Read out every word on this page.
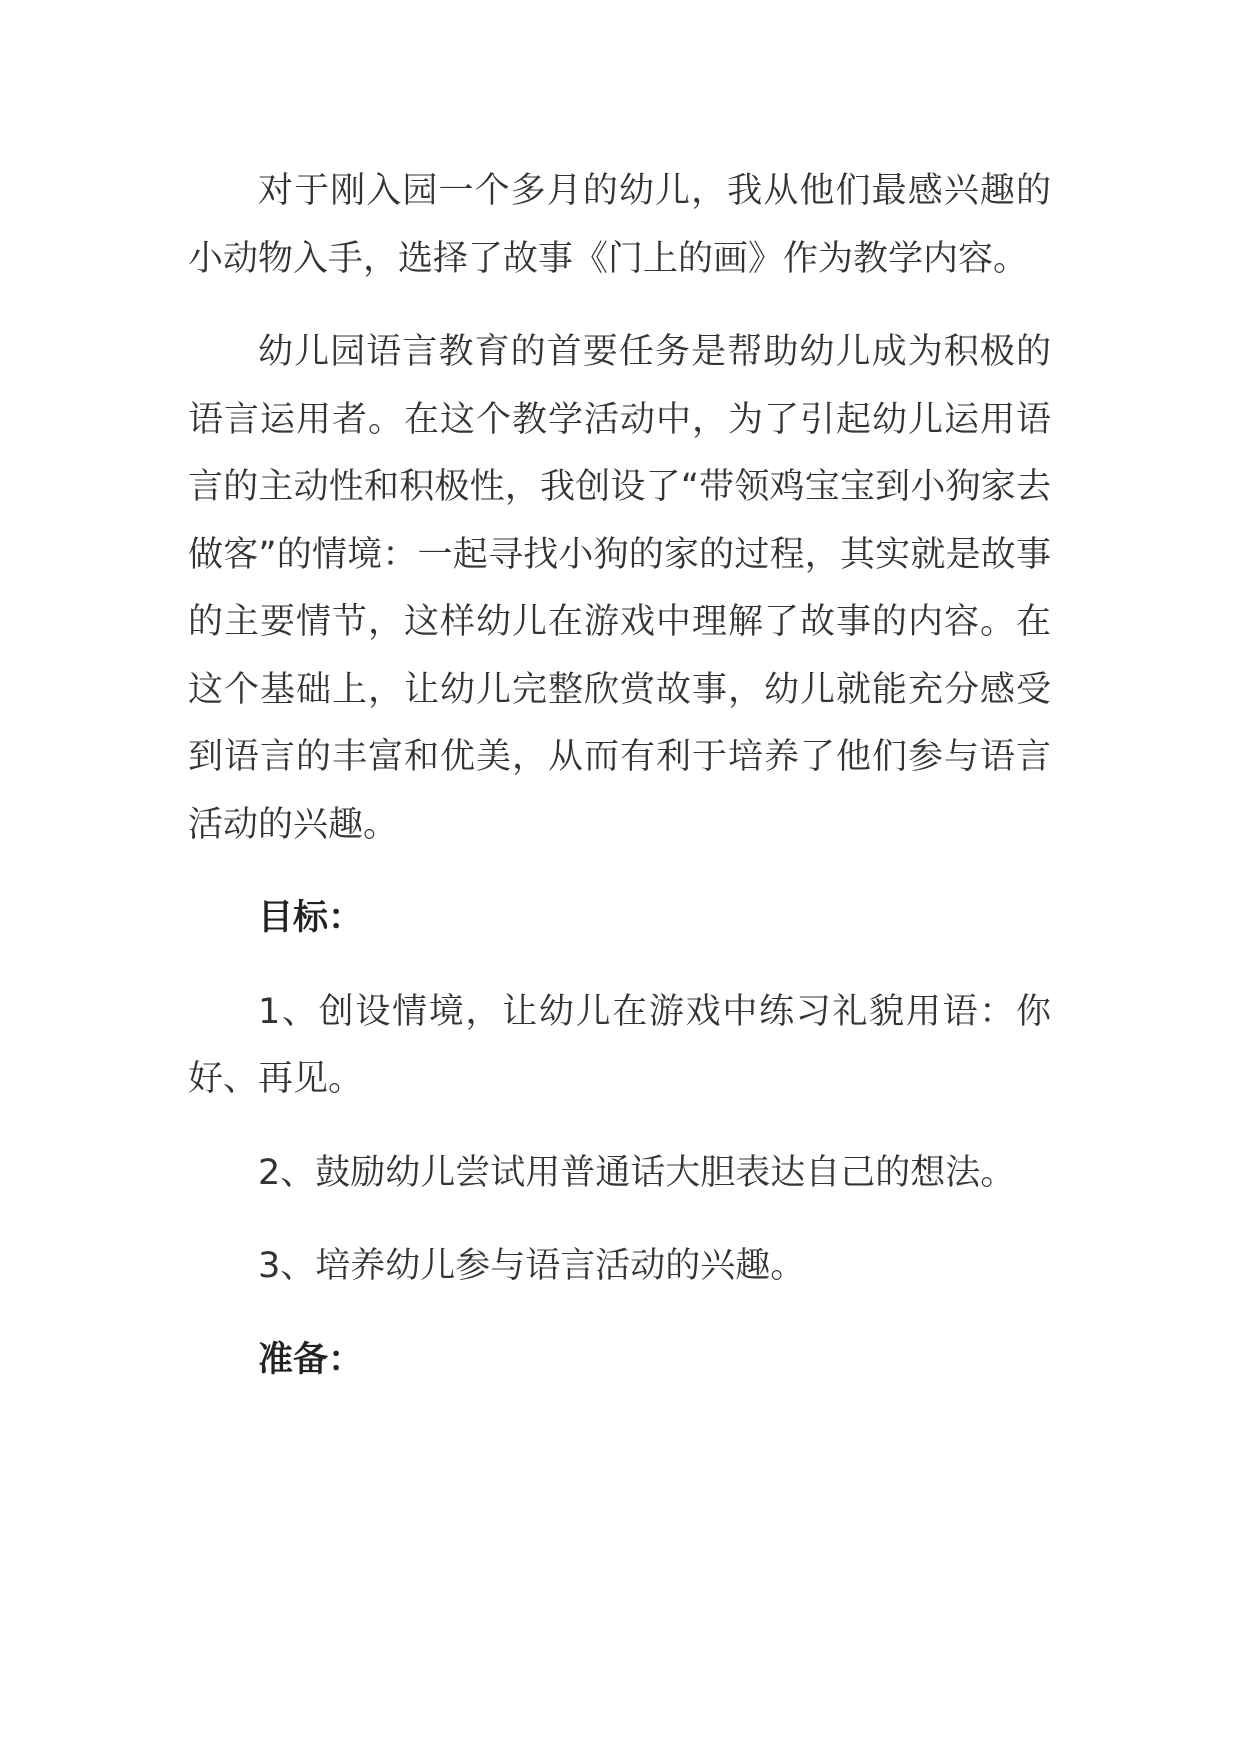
对于刚入园一个多月的幼儿，我从他们最感兴趣的小动物入手，选择了故事《门上的画》作为教学内容。

幼儿园语言教育的首要任务是帮助幼儿成为积极的语言运用者。在这个教学活动中，为了引起幼儿运用语言的主动性和积极性，我创设了“带领鸡宝宝到小狗家去做客”的情境：一起寻找小狗的家的过程，其实就是故事的主要情节，这样幼儿在游戏中理解了故事的内容。在这个基础上，让幼儿完整欣赏故事，幼儿就能充分感受到语言的丰富和优美，从而有利于培养了他们参与语言活动的兴趣。

目标：

1、创设情境，让幼儿在游戏中练习礼貌用语：你好、再见。

2、鼓励幼儿尝试用普通话大胆表达自己的想法。

3、培养幼儿参与语言活动的兴趣。

准备：
